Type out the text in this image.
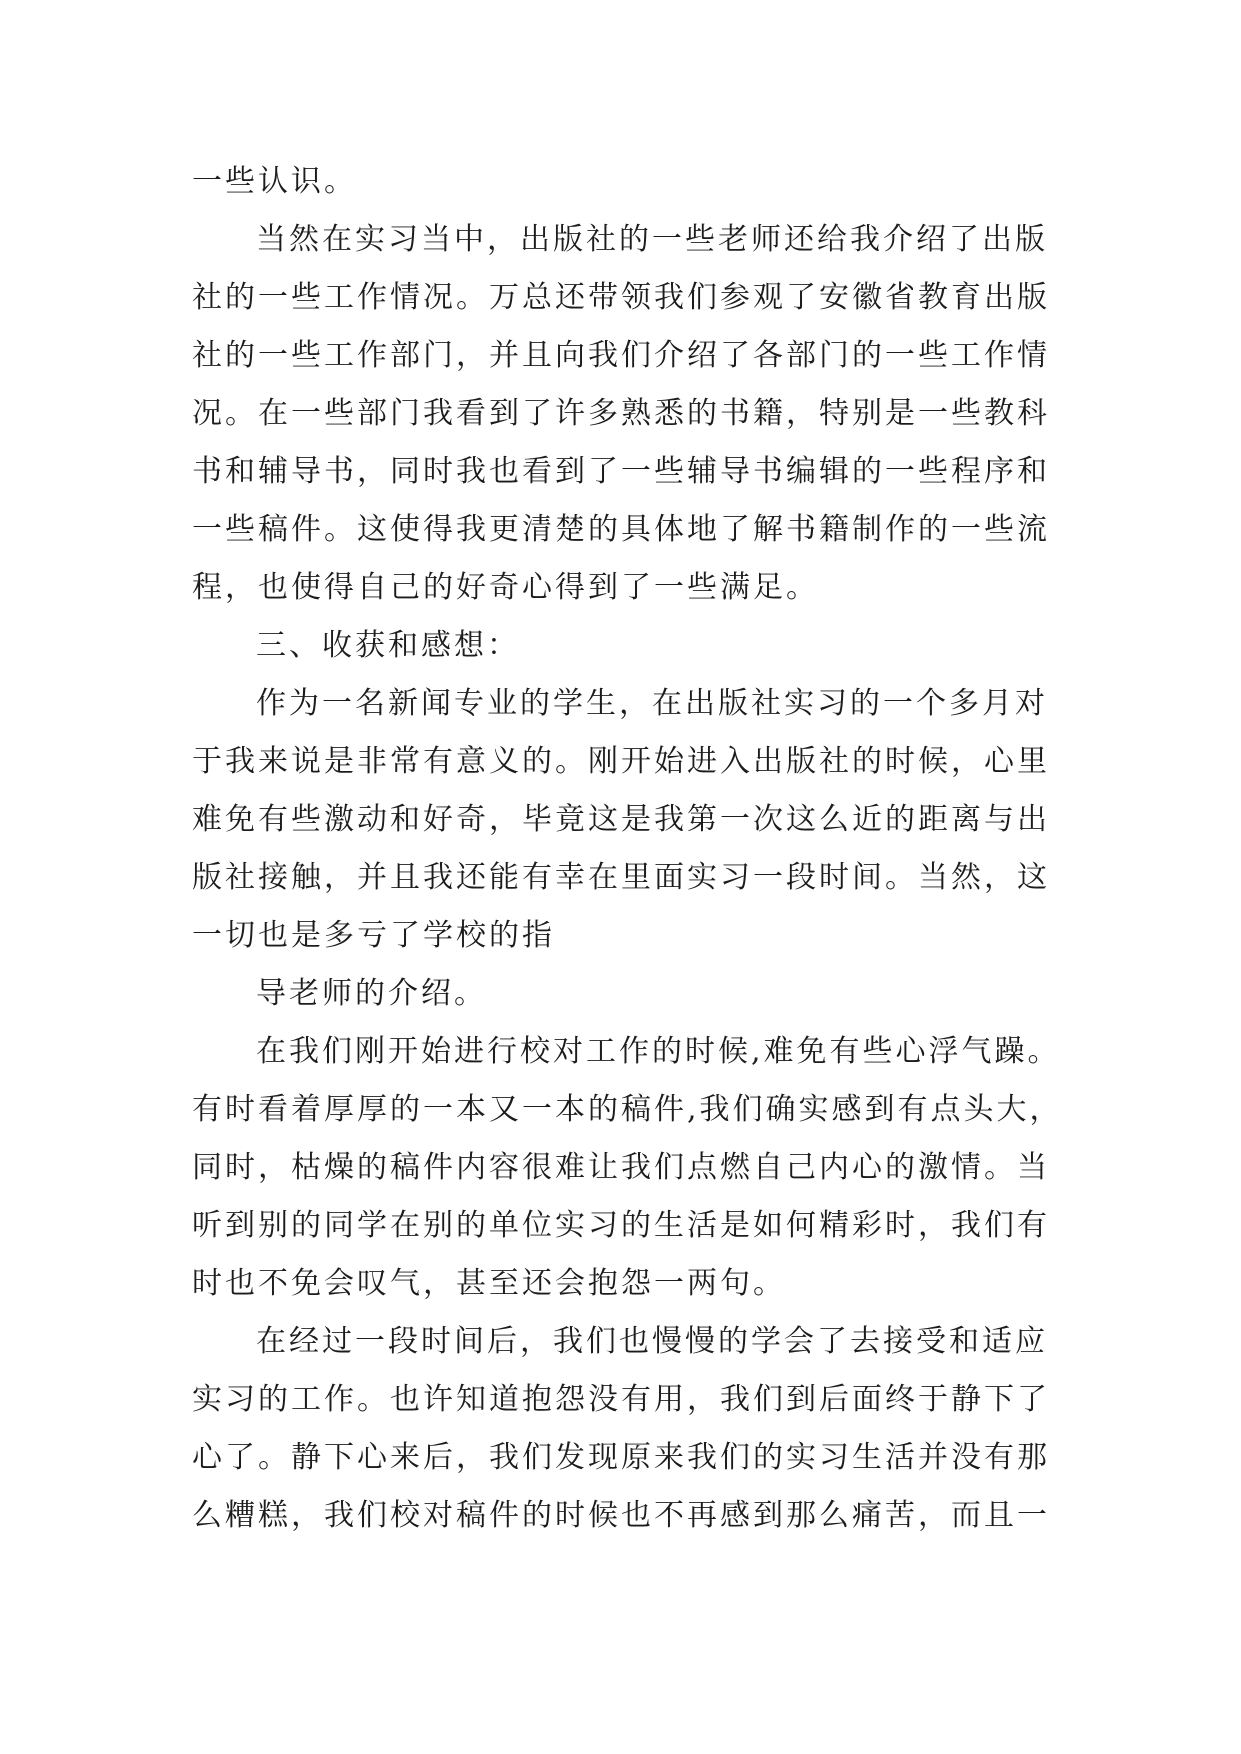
一些认识。
当然在实习当中，出版社的一些老师还给我介绍了出版
社的一些工作情况。万总还带领我们参观了安徽省教育出版
社的一些工作部门，并且向我们介绍了各部门的一些工作情
况。在一些部门我看到了许多熟悉的书籍，特别是一些教科
书和辅导书，同时我也看到了一些辅导书编辑的一些程序和
一些稿件。这使得我更清楚的具体地了解书籍制作的一些流
程，也使得自己的好奇心得到了一些满足。
三、收获和感想：
作为一名新闻专业的学生，在出版社实习的一个多月对
于我来说是非常有意义的。刚开始进入出版社的时候，心里
难免有些激动和好奇，毕竟这是我第一次这么近的距离与出
版社接触，并且我还能有幸在里面实习一段时间。当然，这
一切也是多亏了学校的指
导老师的介绍。
在我们刚开始进行校对工作的时候,难免有些心浮气躁。
有时看着厚厚的一本又一本的稿件,我们确实感到有点头大，
同时，枯燥的稿件内容很难让我们点燃自己内心的激情。当
听到别的同学在别的单位实习的生活是如何精彩时，我们有
时也不免会叹气，甚至还会抱怨一两句。
在经过一段时间后，我们也慢慢的学会了去接受和适应
实习的工作。也许知道抱怨没有用，我们到后面终于静下了
心了。静下心来后，我们发现原来我们的实习生活并没有那
么糟糕，我们校对稿件的时候也不再感到那么痛苦，而且一
